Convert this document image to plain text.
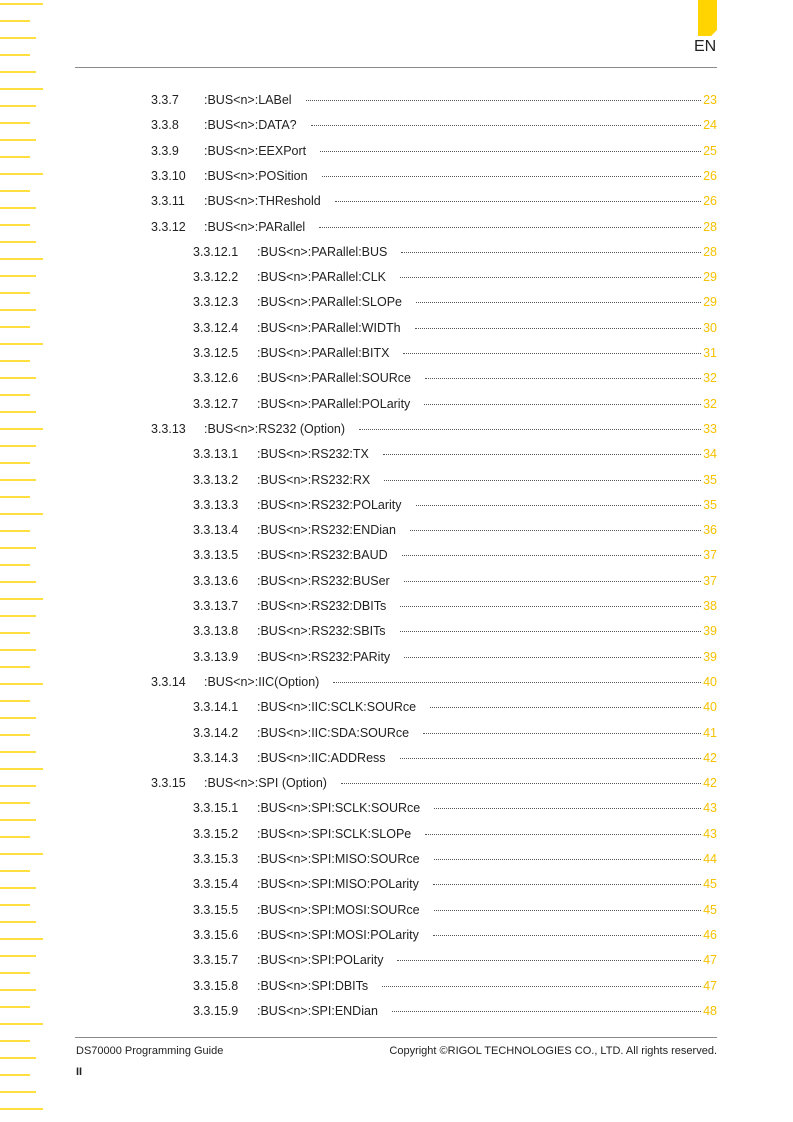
EN
3.3.7	:BUS<n>:LABel	23
3.3.8	:BUS<n>:DATA?	24
3.3.9	:BUS<n>:EEXPort	25
3.3.10	:BUS<n>:POSition	26
3.3.11	:BUS<n>:THReshold	26
3.3.12	:BUS<n>:PARallel	28
3.3.12.1	:BUS<n>:PARallel:BUS	28
3.3.12.2	:BUS<n>:PARallel:CLK	29
3.3.12.3	:BUS<n>:PARallel:SLOPe	29
3.3.12.4	:BUS<n>:PARallel:WIDTh	30
3.3.12.5	:BUS<n>:PARallel:BITX	31
3.3.12.6	:BUS<n>:PARallel:SOURce	32
3.3.12.7	:BUS<n>:PARallel:POLarity	32
3.3.13	:BUS<n>:RS232 (Option)	33
3.3.13.1	:BUS<n>:RS232:TX	34
3.3.13.2	:BUS<n>:RS232:RX	35
3.3.13.3	:BUS<n>:RS232:POLarity	35
3.3.13.4	:BUS<n>:RS232:ENDian	36
3.3.13.5	:BUS<n>:RS232:BAUD	37
3.3.13.6	:BUS<n>:RS232:BUSer	37
3.3.13.7	:BUS<n>:RS232:DBITs	38
3.3.13.8	:BUS<n>:RS232:SBITs	39
3.3.13.9	:BUS<n>:RS232:PARity	39
3.3.14	:BUS<n>:IIC(Option)	40
3.3.14.1	:BUS<n>:IIC:SCLK:SOURce	40
3.3.14.2	:BUS<n>:IIC:SDA:SOURce	41
3.3.14.3	:BUS<n>:IIC:ADDRess	42
3.3.15	:BUS<n>:SPI (Option)	42
3.3.15.1	:BUS<n>:SPI:SCLK:SOURce	43
3.3.15.2	:BUS<n>:SPI:SCLK:SLOPe	43
3.3.15.3	:BUS<n>:SPI:MISO:SOURce	44
3.3.15.4	:BUS<n>:SPI:MISO:POLarity	45
3.3.15.5	:BUS<n>:SPI:MOSI:SOURce	45
3.3.15.6	:BUS<n>:SPI:MOSI:POLarity	46
3.3.15.7	:BUS<n>:SPI:POLarity	47
3.3.15.8	:BUS<n>:SPI:DBITs	47
3.3.15.9	:BUS<n>:SPI:ENDian	48
DS70000 Programming Guide	Copyright ©RIGOL TECHNOLOGIES CO., LTD. All rights reserved.
II
